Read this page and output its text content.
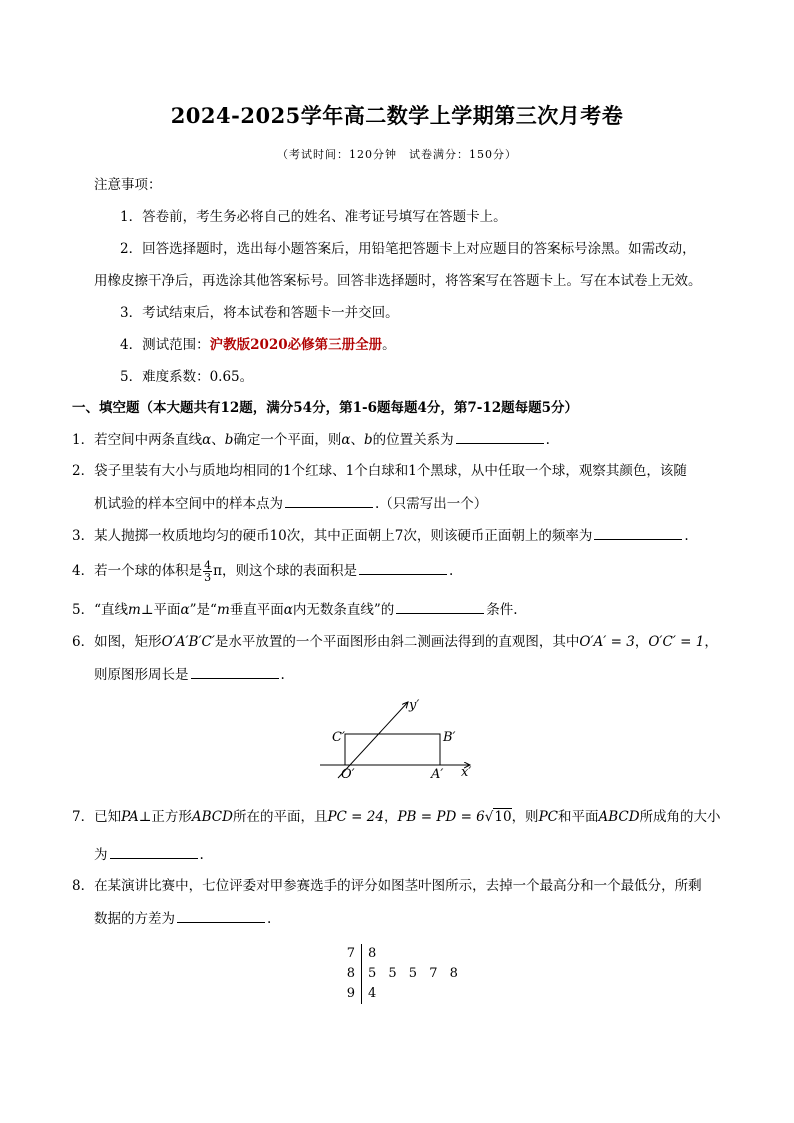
2024-2025学年高二数学上学期第三次月考卷
（考试时间：120分钟　试卷满分：150分）
注意事项：
1．答卷前，考生务必将自己的姓名、准考证号填写在答题卡上。
2．回答选择题时，选出每小题答案后，用铅笔把答题卡上对应题目的答案标号涂黑。如需改动，
用橡皮擦干净后，再选涂其他答案标号。回答非选择题时，将答案写在答题卡上。写在本试卷上无效。
3．考试结束后，将本试卷和答题卡一并交回。
4．测试范围：沪教版2020必修第三册全册。
5．难度系数：0.65。
一、填空题（本大题共有12题，满分54分，第1-6题每题4分，第7-12题每题5分）
1．若空间中两条直线α、b确定一个平面，则α、b的位置关系为	.
2．袋子里装有大小与质地均相同的1个红球、1个白球和1个黑球，从中任取一个球，观察其颜色，该随
机试验的样本空间中的样本点为	.（只需写出一个）
3．某人抛掷一枚质地均匀的硬币10次，其中正面朝上7次，则该硬币正面朝上的频率为	.
4．若一个球的体积是 $\frac{4}{3}$ π，则这个球的表面积是	.
5．“直线m⊥平面α”是“m垂直平面α内无数条直线”的	条件.
6．如图，矩形O′A′B′C′是水平放置的一个平面图形由斜二测画法得到的直观图，其中O′A′ = 3，O′C′ = 1，
则原图形周长是	.
y′
x′
O′	A′
B′
C′
7．已知PA⊥正方形ABCD所在的平面，且PC = 24，PB = PD = 6√10，则PC和平面ABCD所成角的大小
为	.
8．在某演讲比赛中，七位评委对甲参赛选手的评分如图茎叶图所示，去掉一个最高分和一个最低分，所剩
数据的方差为	.
7	8
8	5 5 5 7 8
9	4
